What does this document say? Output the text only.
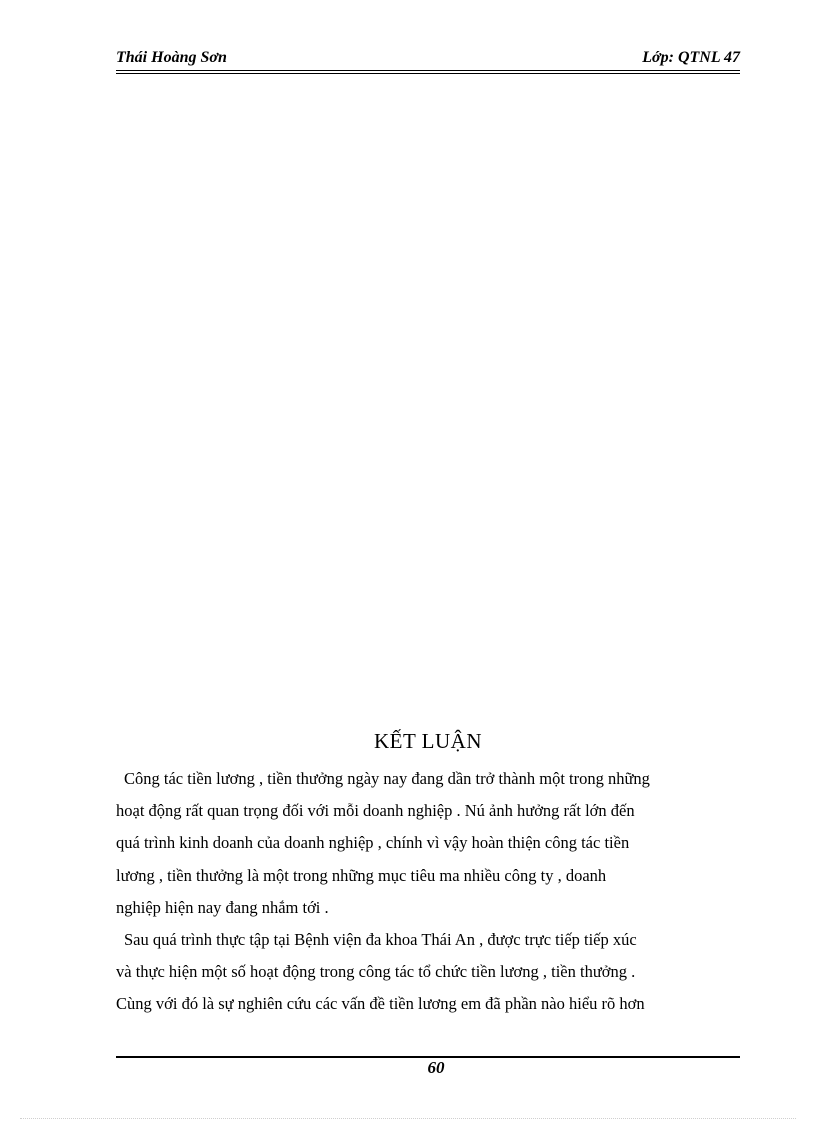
Thái Hoàng Sơn	Lớp: QTNL 47
KẾT LUẬN
Công tác tiền lương , tiền thưởng ngày nay đang dần trở thành một trong những
hoạt động rất quan trọng đối với mỗi doanh nghiệp . Nú ảnh hưởng rất lớn đến
quá trình kinh doanh của doanh nghiệp , chính vì vậy hoàn thiện công tác tiền
lương , tiền thưởng là một trong những mục tiêu ma nhiều công ty , doanh
nghiệp hiện nay đang nhắm tới .
Sau quá trình thực tập tại Bệnh viện đa khoa Thái An , được trực tiếp tiếp xúc
và thực hiện một số hoạt động trong công tác tổ chức tiền lương , tiền thưởng .
Cùng với đó là sự nghiên cứu các vấn đề tiền lương em đã phần nào hiểu rõ hơn
60
